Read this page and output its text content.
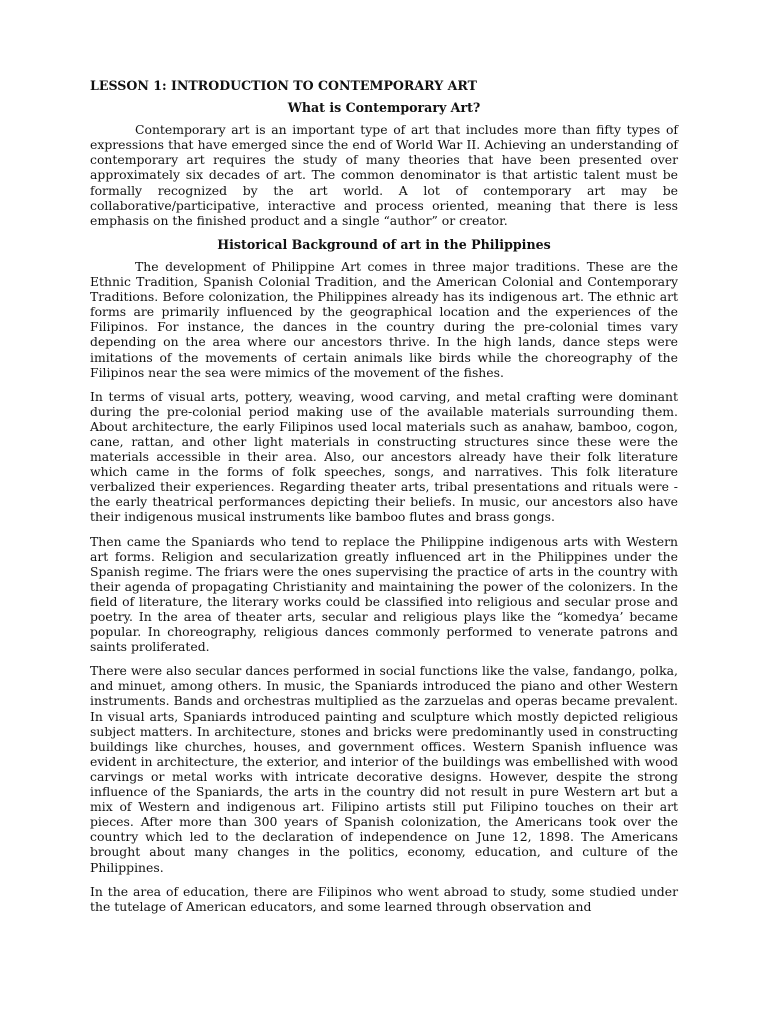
LESSON 1: INTRODUCTION TO CONTEMPORARY ART
What is Contemporary Art?

Contemporary art is an important type of art that includes more than fifty types of expressions that have emerged since the end of World War II. Achieving an understanding of contemporary art requires the study of many theories that have been presented over approximately six decades of art. The common denominator is that artistic talent must be formally recognized by the art world. A lot of contemporary art may be collaborative/participative, interactive and process oriented, meaning that there is less emphasis on the finished product and a single “author” or creator.

Historical Background of art in the Philippines

The development of Philippine Art comes in three major traditions. These are the Ethnic Tradition, Spanish Colonial Tradition, and the American Colonial and Contemporary Traditions. Before colonization, the Philippines already has its indigenous art. The ethnic art forms are primarily influenced by the geographical location and the experiences of the Filipinos. For instance, the dances in the country during the pre-colonial times vary depending on the area where our ancestors thrive. In the high lands, dance steps were imitations of the movements of certain animals like birds while the choreography of the Filipinos near the sea were mimics of the movement of the fishes.

In terms of visual arts, pottery, weaving, wood carving, and metal crafting were dominant during the pre-colonial period making use of the available materials surrounding them. About architecture, the early Filipinos used local materials such as anahaw, bamboo, cogon, cane, rattan, and other light materials in constructing structures since these were the materials accessible in their area. Also, our ancestors already have their folk literature which came in the forms of folk speeches, songs, and narratives. This folk literature verbalized their experiences. Regarding theater arts, tribal presentations and rituals were - the early theatrical performances depicting their beliefs. In music, our ancestors also have their indigenous musical instruments like bamboo flutes and brass gongs.

Then came the Spaniards who tend to replace the Philippine indigenous arts with Western art forms. Religion and secularization greatly influenced art in the Philippines under the Spanish regime. The friars were the ones supervising the practice of arts in the country with their agenda of propagating Christianity and maintaining the power of the colonizers. In the field of literature, the literary works could be classified into religious and secular prose and poetry. In the area of theater arts, secular and religious plays like the “komedya’ became popular. In choreography, religious dances commonly performed to venerate patrons and saints proliferated.

There were also secular dances performed in social functions like the valse, fandango, polka, and minuet, among others. In music, the Spaniards introduced the piano and other Western instruments. Bands and orchestras multiplied as the zarzuelas and operas became prevalent. In visual arts, Spaniards introduced painting and sculpture which mostly depicted religious subject matters. In architecture, stones and bricks were predominantly used in constructing buildings like churches, houses, and government offices. Western Spanish influence was evident in architecture, the exterior, and interior of the buildings was embellished with wood carvings or metal works with intricate decorative designs. However, despite the strong influence of the Spaniards, the arts in the country did not result in pure Western art but a mix of Western and indigenous art. Filipino artists still put Filipino touches on their art pieces. After more than 300 years of Spanish colonization, the Americans took over the country which led to the declaration of independence on June 12, 1898. The Americans brought about many changes in the politics, economy, education, and culture of the Philippines.

In the area of education, there are Filipinos who went abroad to study, some studied under the tutelage of American educators, and some learned through observation and
